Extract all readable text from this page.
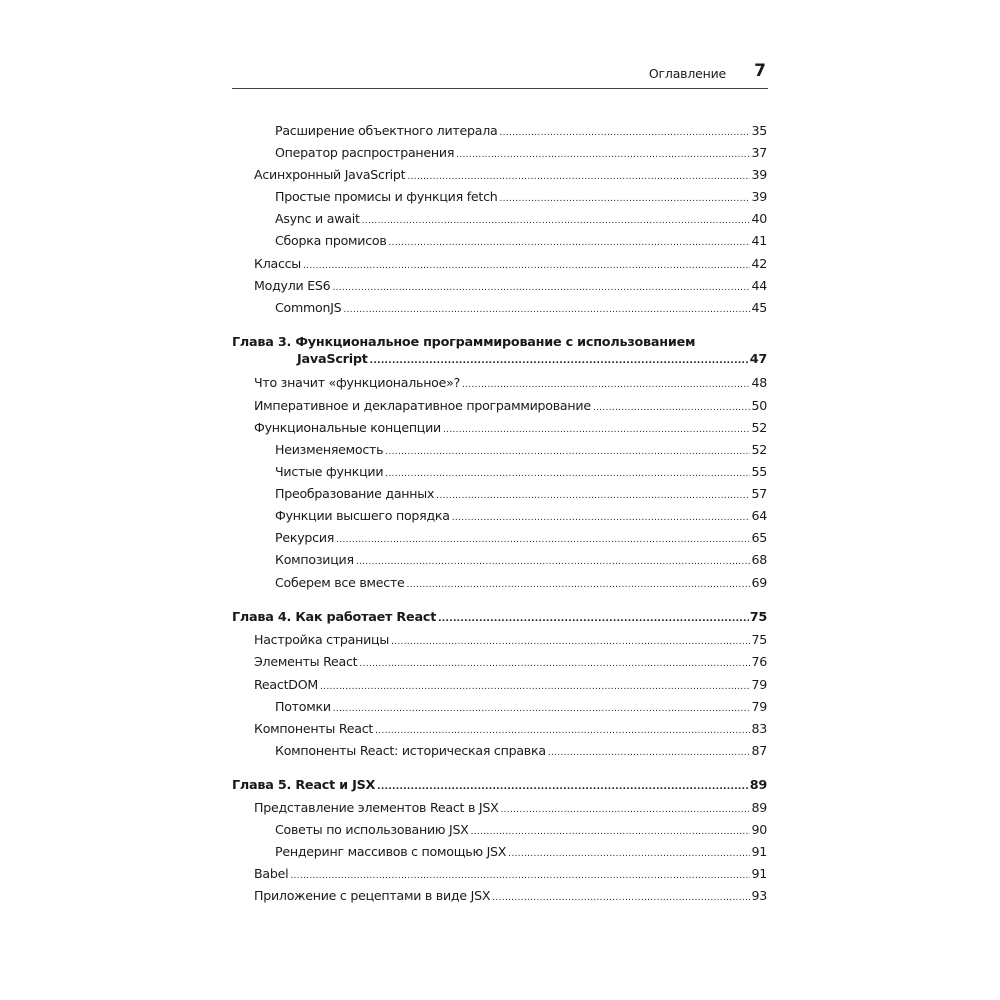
Оглавление 7
Расширение объектного литерала .....	35
Оператор распространения .....	37
Асинхронный JavaScript .....	39
Простые промисы и функция fetch .....	39
Async и await .....	40
Сборка промисов .....	41
Классы .....	42
Модули ES6 .....	44
CommonJS .....	45
Глава 3. Функциональное программирование с использованием
JavaScript .....	47
Что значит «функциональное»? .....	48
Императивное и декларативное программирование .....	50
Функциональные концепции .....	52
Неизменяемость .....	52
Чистые функции .....	55
Преобразование данных .....	57
Функции высшего порядка .....	64
Рекурсия .....	65
Композиция .....	68
Соберем все вместе .....	69
Глава 4. Как работает React .....	75
Настройка страницы .....	75
Элементы React .....	76
ReactDOM .....	79
Потомки .....	79
Компоненты React .....	83
Компоненты React: историческая справка .....	87
Глава 5. React и JSX .....	89
Представление элементов React в JSX .....	89
Советы по использованию JSX .....	90
Рендеринг массивов с помощью JSX .....	91
Babel .....	91
Приложение с рецептами в виде JSX .....	93
